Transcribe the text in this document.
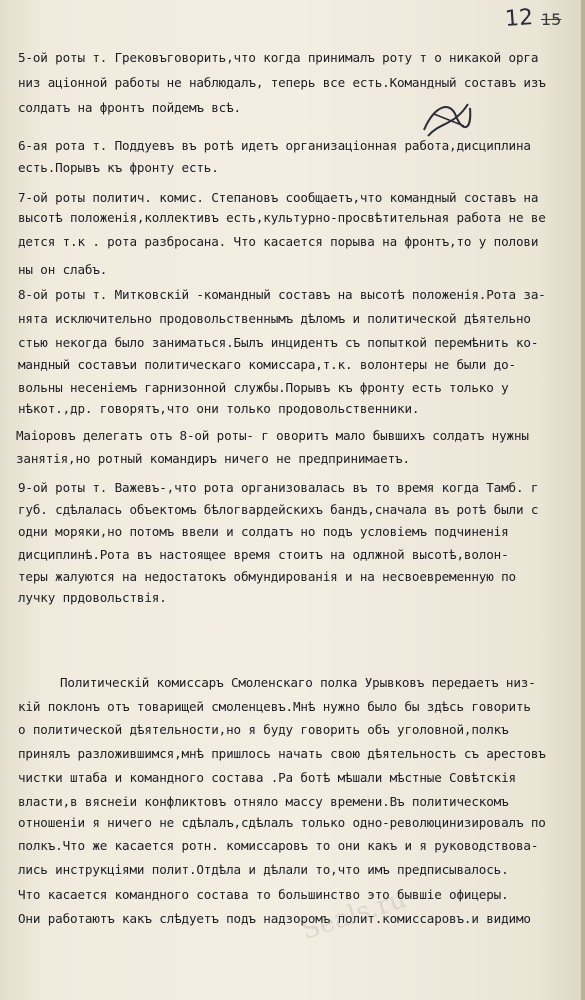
12 15
5-ой роты т. Грековъговорить,что когда принималъ роту т о никакой орга
низ аціонной работы не наблюдалъ, теперь все есть.Командный составъ изъ
солдатъ на фронтъ пойдемъ всѣ.
6-ая рота т. Поддуевъ въ ротѣ идетъ организаціонная работа,дисциплина
есть.Порывъ къ фронту есть.
7-ой роты политич. комис. Степановъ сообщаетъ,что командный составъ на
высотѣ положенія,коллективъ есть,культурно-просвѣтительная работа не ве
дется т.к . рота разбросана. Что касается порыва на фронтъ,то у полови
ны он слабъ.
8-ой роты т. Митковскій -командный составъ на высотѣ положенія.Рота за-
нята исключительно продовольственнымъ дѣломъ и политической дѣятельно
стью некогда было заниматься.Былъ инцидентъ съ попыткой перемѣнить ко-
мандный составъи политическаго комиссара,т.к. волонтеры не были до-
вольны несеніемъ гарнизонной службы.Порывъ къ фронту есть только у
нѣкот.,др. говорятъ,что они только продовольственники.
Маіоровъ делегатъ отъ 8-ой роты- г оворитъ мало бывшихъ солдатъ нужны
занятія,но ротный командиръ ничего не предпринимаетъ.
9-ой роты т. Важевъ-,что рота организовалась въ то время когда Тамб. г
губ. сдѣлалась объектомъ бѣлогвардейскихъ бандъ,сначала въ ротѣ были с
одни моряки,но потомъ ввели и солдатъ но подъ условіемъ подчиненія
дисциплинѣ.Рота въ настоящее время стоитъ на одлжной высотѣ,волон-
теры жалуются на недостатокъ обмундированія и на несвоевременную по
лучку прдовольствія.
Политическій комиссаръ Смоленскаго полка Урывковъ передаетъ низ-
кій поклонъ отъ товарищей смоленцевъ.Мнѣ нужно было бы здѣсь говорить
о политической дѣятельности,но я буду говорить объ уголовной,полкъ
принялъ разложившимся,мнѣ пришлось начать свою дѣятельность съ арестовъ
чистки штаба и командного состава .Ра ботѣ мѣшали мѣстные Совѣтскія
власти,в вяснеіи конфликтовъ отняло массу времени.Въ политическомъ
отношеніи я ничего не сдѣлалъ,сдѣлалъ только одно-революцинизировалъ по
полкъ.Что же касается ротн. комиссаровъ то они какъ и я руководствова-
лись инструкціями полит.Отдѣла и дѣлали то,что имъ предписывалось.
Что касается командного состава то большинство это бывшіе офицеры.
Они работаютъ какъ слѣдуетъ подъ надзоромъ полит.комиссаровъ.и видимо
Seals.ru
